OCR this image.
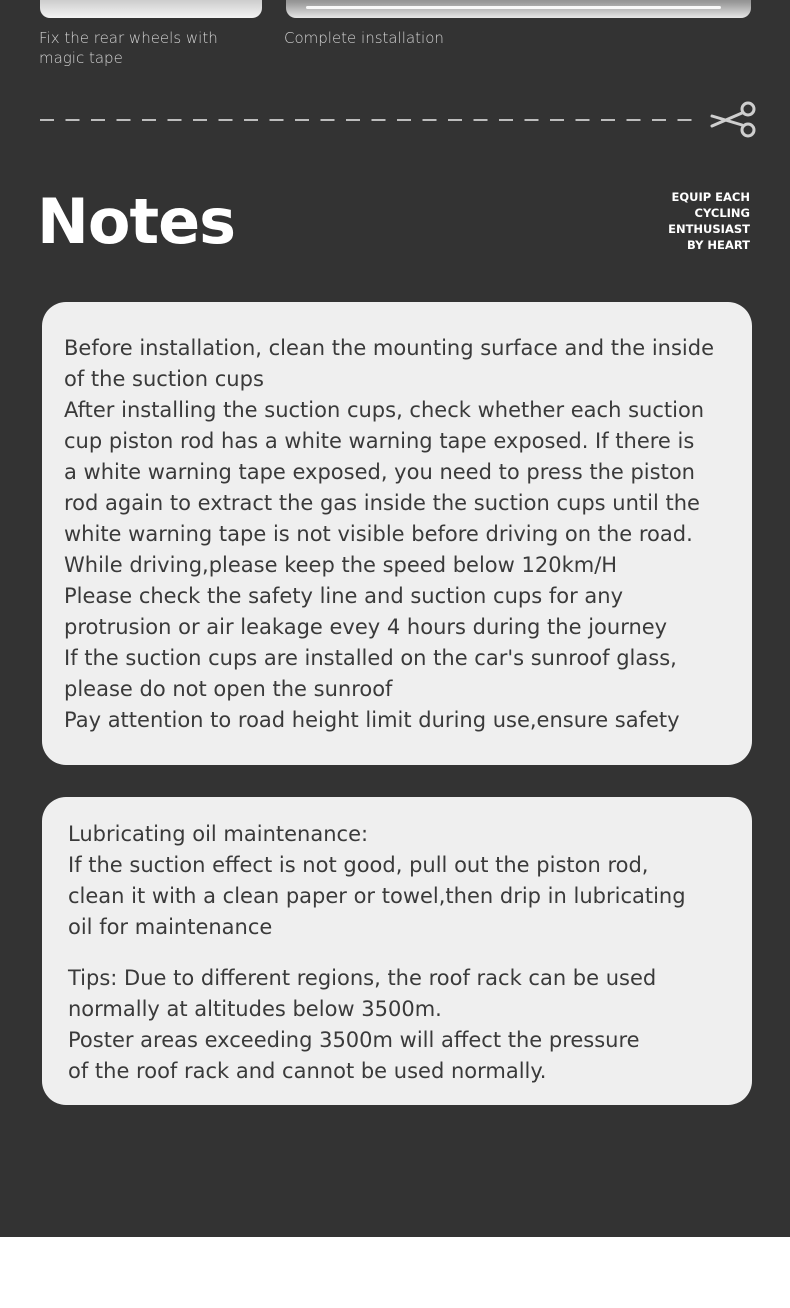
Fix the rear wheels with magic tape
Complete installation
Notes	EQUIP EACH
CYCLING
ENTHUSIAST
BY HEART
Before installation, clean the mounting surface and the inside
of the suction cups
After installing the suction cups, check whether each suction
cup piston rod has a white warning tape exposed. If there is
a white warning tape exposed, you need to press the piston
rod again to extract the gas inside the suction cups until the
white warning tape is not visible before driving on the road.
While driving,please keep the speed below 120km/H
Please check the safety line and suction cups for any
protrusion or air leakage evey 4 hours during the journey
If the suction cups are installed on the car's sunroof glass,
please do not open the sunroof
Pay attention to road height limit during use,ensure safety
Lubricating oil maintenance:
If the suction effect is not good, pull out the piston rod,
clean it with a clean paper or towel,then drip in lubricating
oil for maintenance
Tips: Due to different regions, the roof rack can be used
normally at altitudes below 3500m.
Poster areas exceeding 3500m will affect the pressure
of the roof rack and cannot be used normally.
